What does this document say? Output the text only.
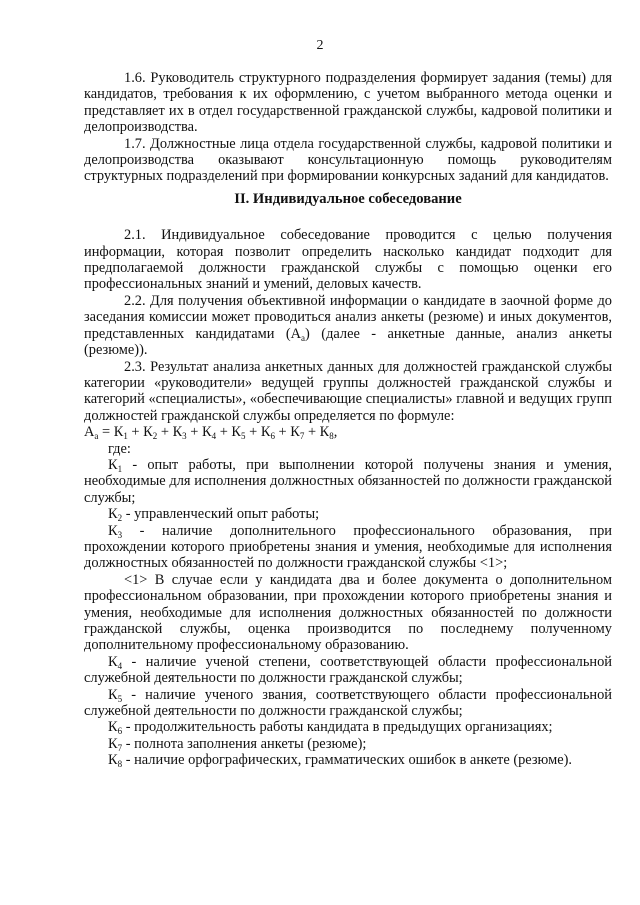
2

1.6. Руководитель структурного подразделения формирует задания (темы) для кандидатов, требования к их оформлению, с учетом выбранного метода оценки и представляет их в отдел государственной гражданской службы, кадровой политики и делопроизводства.

1.7. Должностные лица отдела государственной службы, кадровой политики и делопроизводства оказывают консультационную помощь руководителям структурных подразделений при формировании конкурсных заданий для кандидатов.

II. Индивидуальное собеседование

2.1. Индивидуальное собеседование проводится с целью получения информации, которая позволит определить насколько кандидат подходит для предполагаемой должности гражданской службы с помощью оценки его профессиональных знаний и умений, деловых качеств.

2.2. Для получения объективной информации о кандидате в заочной форме до заседания комиссии может проводиться анализ анкеты (резюме) и иных документов, представленных кандидатами $(А_а)$ (далее - анкетные данные, анализ анкеты (резюме)).

2.3. Результат анализа анкетных данных для должностей гражданской службы категории «руководители» ведущей группы должностей гражданской службы и категорий «специалисты», «обеспечивающие специалисты» главной и ведущих групп должностей гражданской службы определяется по формуле:

$А_а = К_1 + К_2 + К_3 + К_4 + К_5 + К_6 + К_7 + К_8$,

где:

$К_1$ - опыт работы, при выполнении которой получены знания и умения, необходимые для исполнения должностных обязанностей по должности гражданской службы;

$К_2$ - управленческий опыт работы;

$К_3$ - наличие дополнительного профессионального образования, при прохождении которого приобретены знания и умения, необходимые для исполнения должностных обязанностей по должности гражданской службы <1>;

<1> В случае если у кандидата два и более документа о дополнительном профессиональном образовании, при прохождении которого приобретены знания и умения, необходимые для исполнения должностных обязанностей по должности гражданской службы, оценка производится по последнему полученному дополнительному профессиональному образованию.

$К_4$ - наличие ученой степени, соответствующей области профессиональной служебной деятельности по должности гражданской службы;

$К_5$ - наличие ученого звания, соответствующего области профессиональной служебной деятельности по должности гражданской службы;

$К_6$ - продолжительность работы кандидата в предыдущих организациях;

$К_7$ - полнота заполнения анкеты (резюме);

$К_8$ - наличие орфографических, грамматических ошибок в анкете (резюме).
